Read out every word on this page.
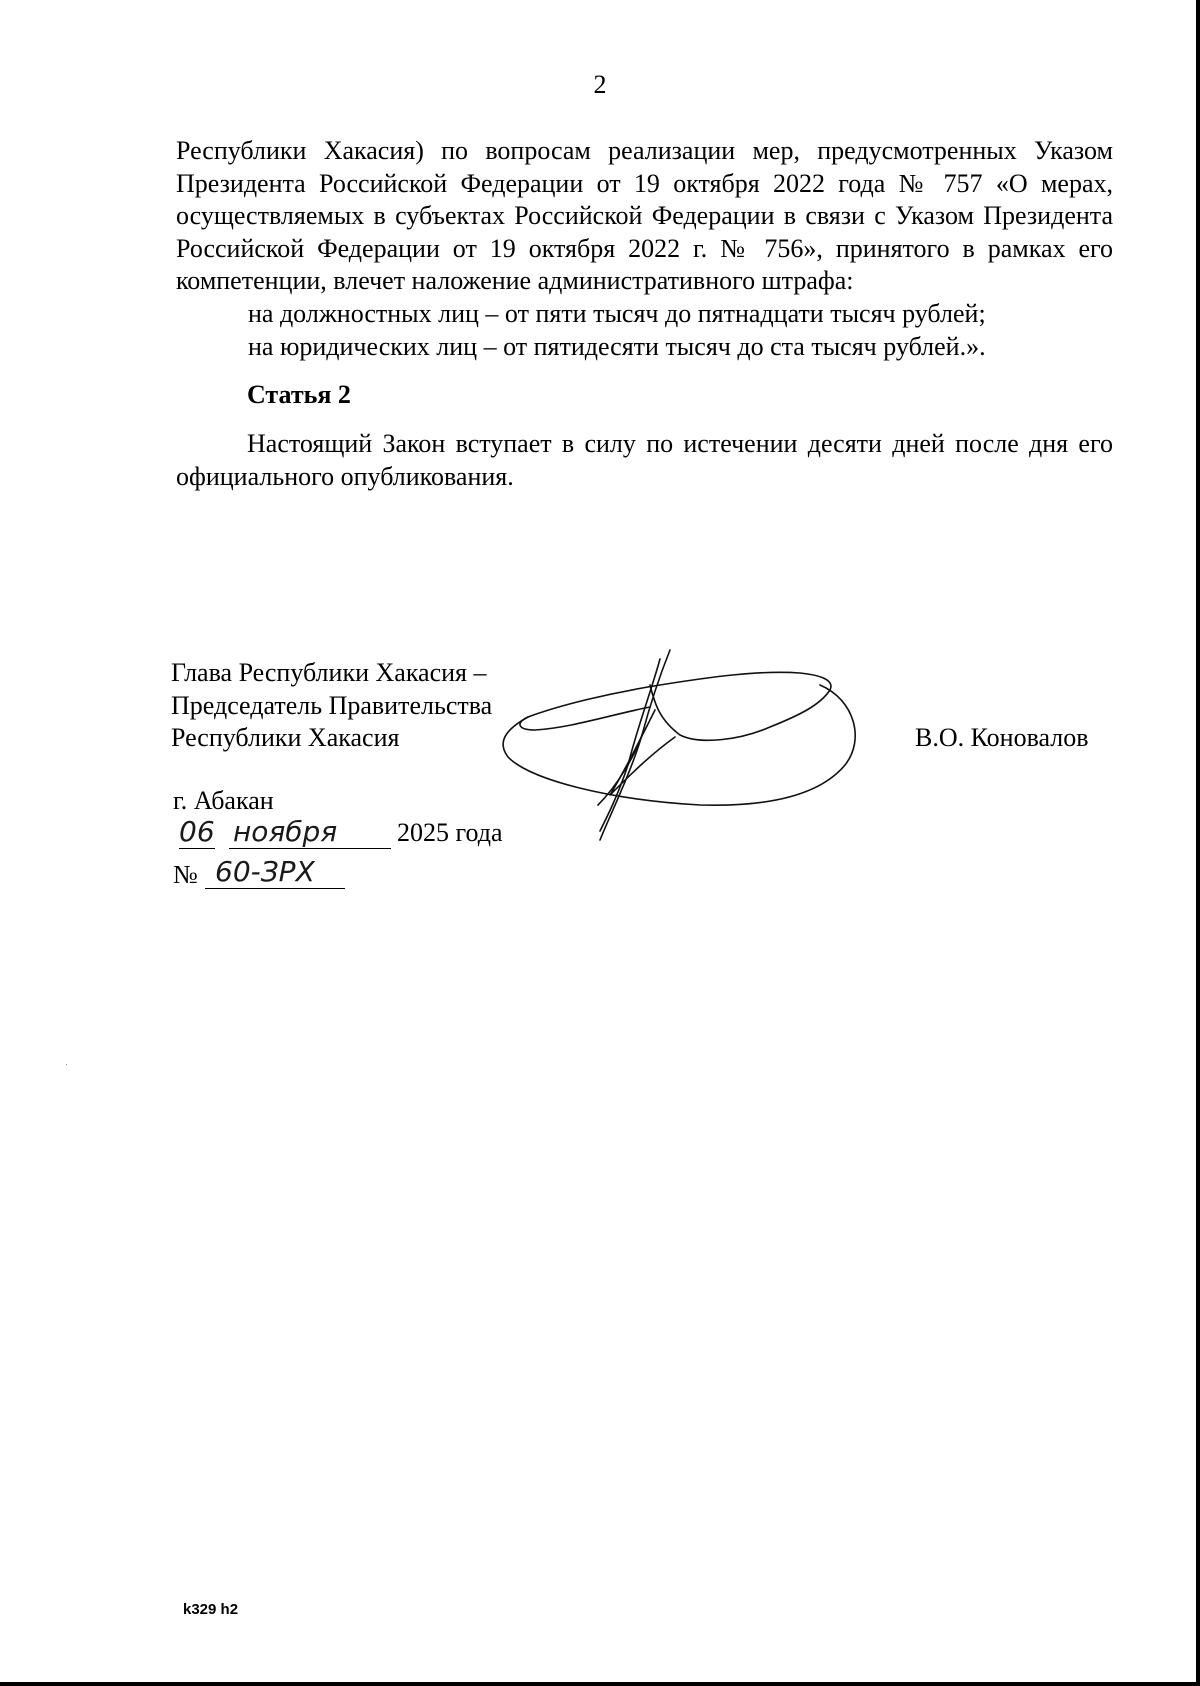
2

Республики Хакасия) по вопросам реализации мер, предусмотренных Указом Президента Российской Федерации от 19 октября 2022 года № 757 «О мерах, осуществляемых в субъектах Российской Федерации в связи с Указом Президента Российской Федерации от 19 октября 2022 г. № 756», принятого в рамках его компетенции, влечет наложение административного штрафа:

на должностных лиц – от пяти тысяч до пятнадцати тысяч рублей;

на юридических лиц – от пятидесяти тысяч до ста тысяч рублей.».

Статья 2

Настоящий Закон вступает в силу по истечении десяти дней после дня его официального опубликования.

Глава Республики Хакасия –
Председатель Правительства
Республики Хакасия	В.О. Коновалов
г. Абакан
06 ноября	2025 года
№ 60-ЗРХ
k329 h2
